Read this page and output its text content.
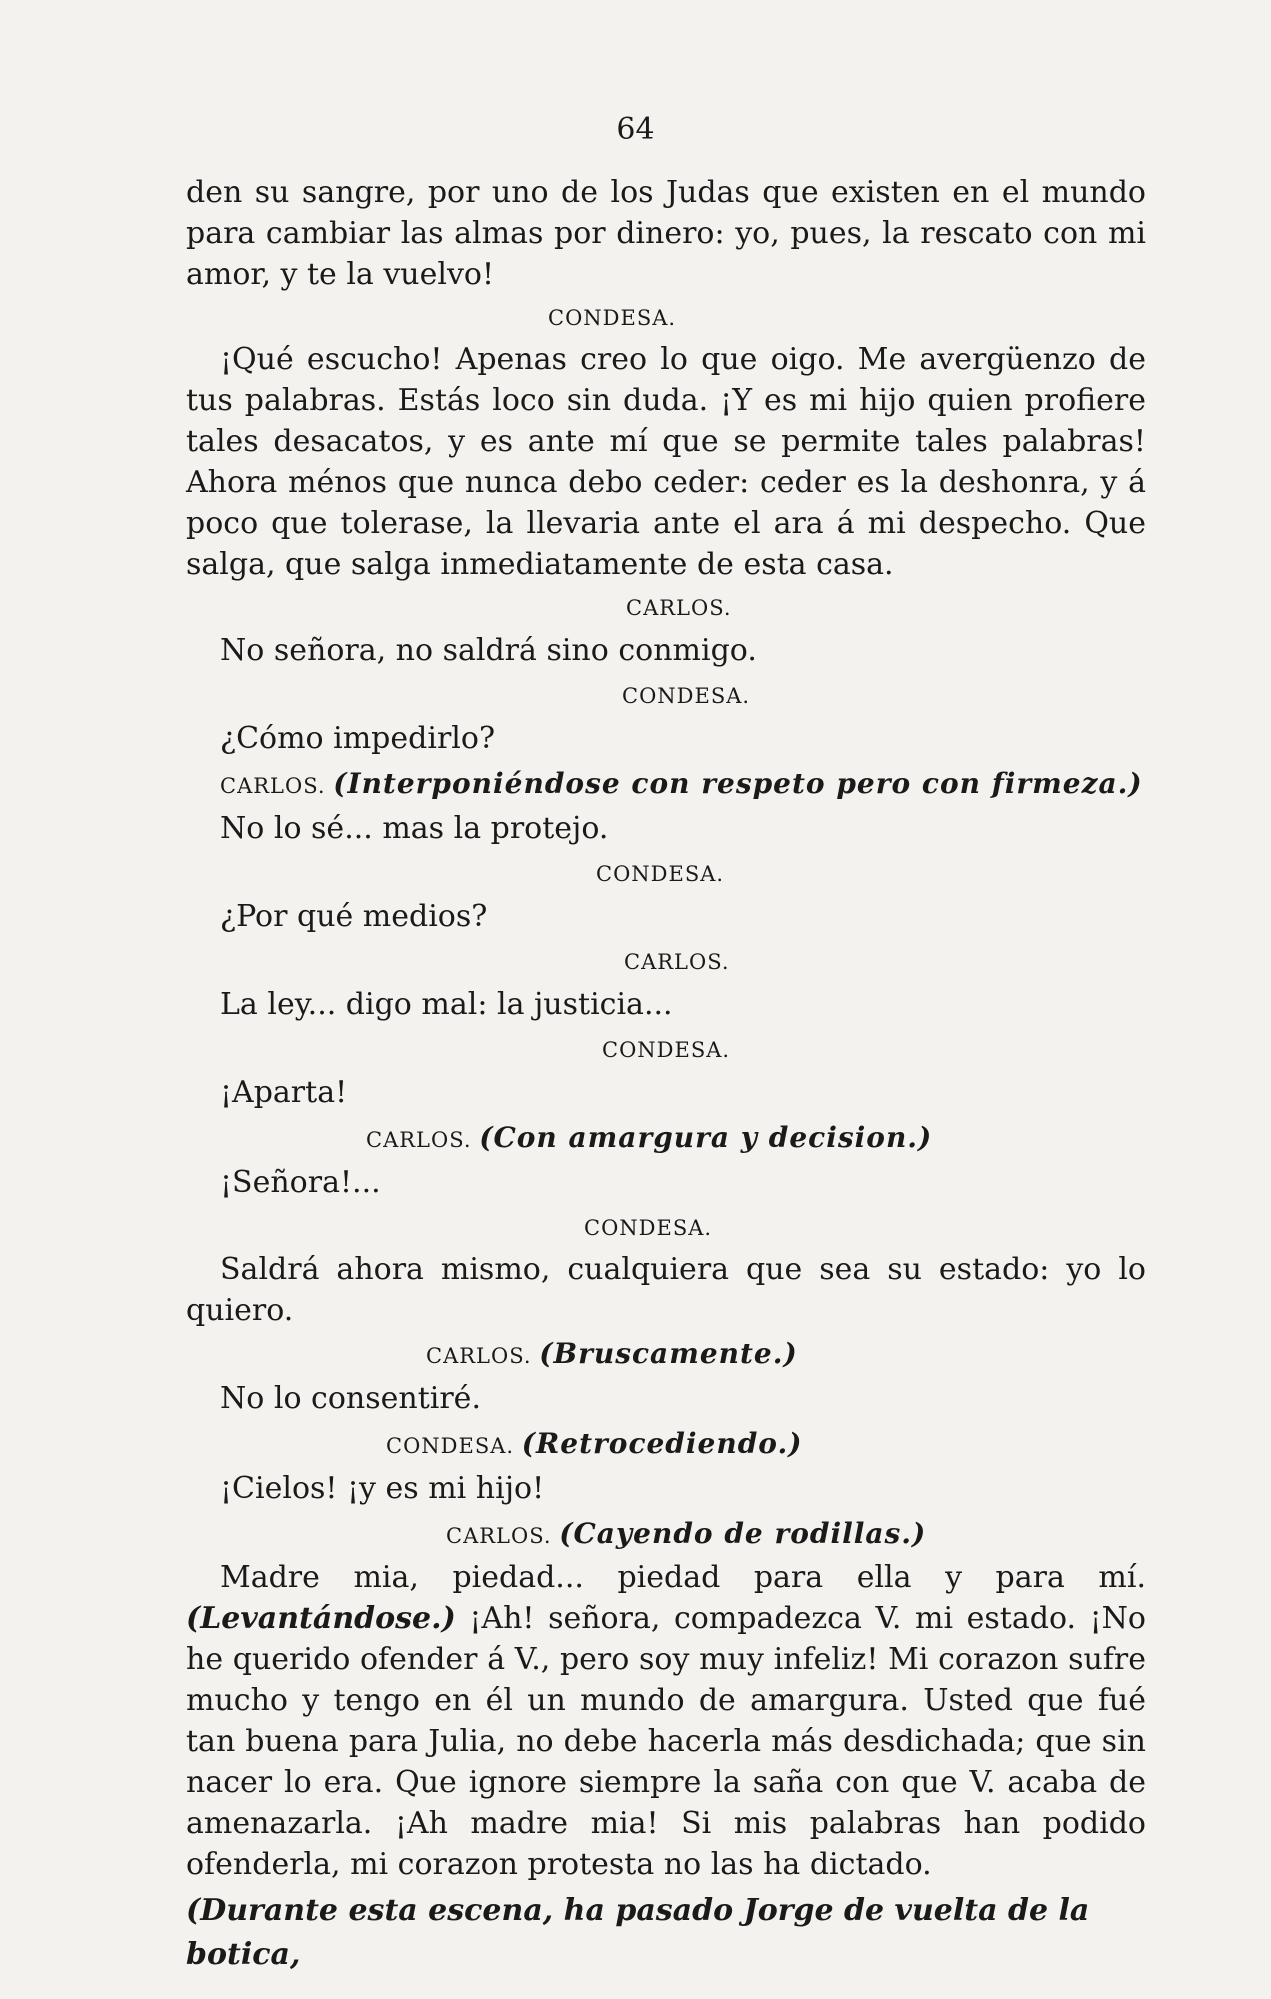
64

den su sangre, por uno de los Judas que existen en el mundo para cambiar las almas por dinero: yo, pues, la rescato con mi amor, y te la vuelvo!

CONDESA.

¡Qué escucho! Apenas creo lo que oigo. Me avergüenzo de tus palabras. Estás loco sin duda. ¡Y es mi hijo quien profiere tales desacatos, y es ante mí que se permite tales palabras! Ahora ménos que nunca debo ceder: ceder es la deshonra, y á poco que tolerase, la llevaria ante el ara á mi despecho. Que salga, que salga inmediatamente de esta casa.

CARLOS.

No señora, no saldrá sino conmigo.

CONDESA.

¿Cómo impedirlo?

CARLOS. (Interponiéndose con respeto pero con firmeza.)

No lo sé... mas la protejo.

CONDESA.

¿Por qué medios?

CARLOS.

La ley... digo mal: la justicia...

CONDESA.

¡Aparta!

CARLOS. (Con amargura y decision.)

¡Señora!...

CONDESA.

Saldrá ahora mismo, cualquiera que sea su estado: yo lo quiero.

CARLOS. (Bruscamente.)

No lo consentiré.

CONDESA. (Retrocediendo.)

¡Cielos! ¡y es mi hijo!

CARLOS. (Cayendo de rodillas.)

Madre mia, piedad... piedad para ella y para mí. (Levantándose.) ¡Ah! señora, compadezca V. mi estado. ¡No he querido ofender á V., pero soy muy infeliz! Mi corazon sufre mucho y tengo en él un mundo de amargura. Usted que fué tan buena para Julia, no debe hacerla más desdichada; que sin nacer lo era. Que ignore siempre la saña con que V. acaba de amenazarla. ¡Ah madre mia! Si mis palabras han podido ofenderla, mi corazon protesta no las ha dictado.

(Durante esta escena, ha pasado Jorge de vuelta de la botica,
